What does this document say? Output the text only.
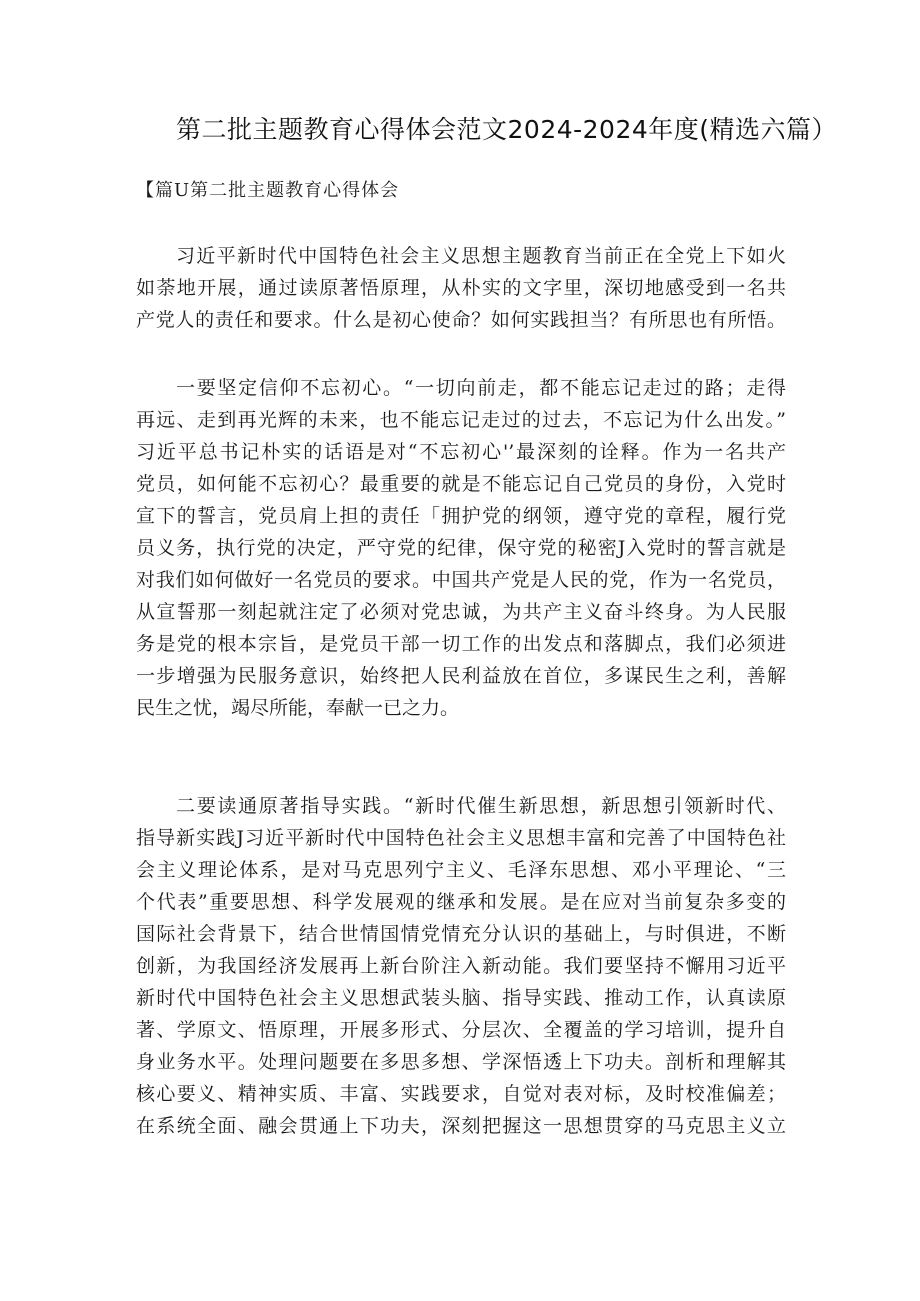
第二批主题教育心得体会范文2024-2024年度(精选六篇）

【篇U第二批主题教育心得体会

习近平新时代中国特色社会主义思想主题教育当前正在全党上下如火
如荼地开展，通过读原著悟原理，从朴实的文字里，深切地感受到一名共
产党人的责任和要求。什么是初心使命？如何实践担当？有所思也有所悟。
一要坚定信仰不忘初心。“一切向前走，都不能忘记走过的路；走得
再远、走到再光辉的未来，也不能忘记走过的过去，不忘记为什么出发。”
习近平总书记朴实的话语是对“不忘初心'’最深刻的诠释。作为一名共产
党员，如何能不忘初心？最重要的就是不能忘记自己党员的身份，入党时
宣下的誓言，党员肩上担的责任「拥护党的纲领，遵守党的章程，履行党
员义务，执行党的决定，严守党的纪律，保守党的秘密J入党时的誓言就是
对我们如何做好一名党员的要求。中国共产党是人民的党，作为一名党员，
从宣誓那一刻起就注定了必须对党忠诚，为共产主义奋斗终身。为人民服
务是党的根本宗旨，是党员干部一切工作的出发点和落脚点，我们必须进
一步增强为民服务意识，始终把人民利益放在首位，多谋民生之利，善解
民生之忧，竭尽所能，奉献一已之力。
二要读通原著指导实践。“新时代催生新思想，新思想引领新时代、
指导新实践J习近平新时代中国特色社会主义思想丰富和完善了中国特色社
会主义理论体系，是对马克思列宁主义、毛泽东思想、邓小平理论、“三
个代表”重要思想、科学发展观的继承和发展。是在应对当前复杂多变的
国际社会背景下，结合世情国情党情充分认识的基础上，与时俱进，不断
创新，为我国经济发展再上新台阶注入新动能。我们要坚持不懈用习近平
新时代中国特色社会主义思想武装头脑、指导实践、推动工作，认真读原
著、学原文、悟原理，开展多形式、分层次、全覆盖的学习培训，提升自
身业务水平。处理问题要在多思多想、学深悟透上下功夫。剖析和理解其
核心要义、精神实质、丰富、实践要求，自觉对表对标，及时校准偏差；
在系统全面、融会贯通上下功夫，深刻把握这一思想贯穿的马克思主义立
